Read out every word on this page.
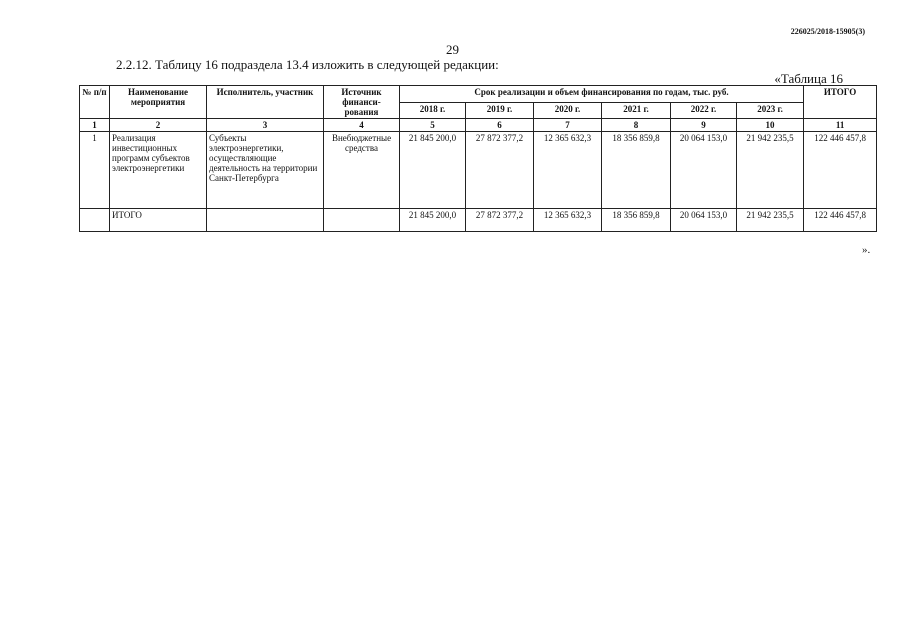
226025/2018-15905(3)
29
2.2.12. Таблицу 16 подраздела 13.4 изложить в следующей редакции:
«Таблица 16
№ п/п	Наименование мероприятия	Исполнитель, участник	Источник финанси-рования	Срок реализации и объем финансирования по годам, тыс. руб.						ИТОГО
				2018 г.	2019 г.	2020 г.	2021 г.	2022 г.	2023 г.	
1	2	3	4	5	6	7	8	9	10	11
1	Реализация инвестиционных программ субъектов электроэнергетики	Субъекты электроэнергетики, осуществляющие деятельность на территории Санкт-Петербурга	Внебюджетные средства	21 845 200,0	27 872 377,2	12 365 632,3	18 356 859,8	20 064 153,0	21 942 235,5	122 446 457,8
	ИТОГО			21 845 200,0	27 872 377,2	12 365 632,3	18 356 859,8	20 064 153,0	21 942 235,5	122 446 457,8
».
